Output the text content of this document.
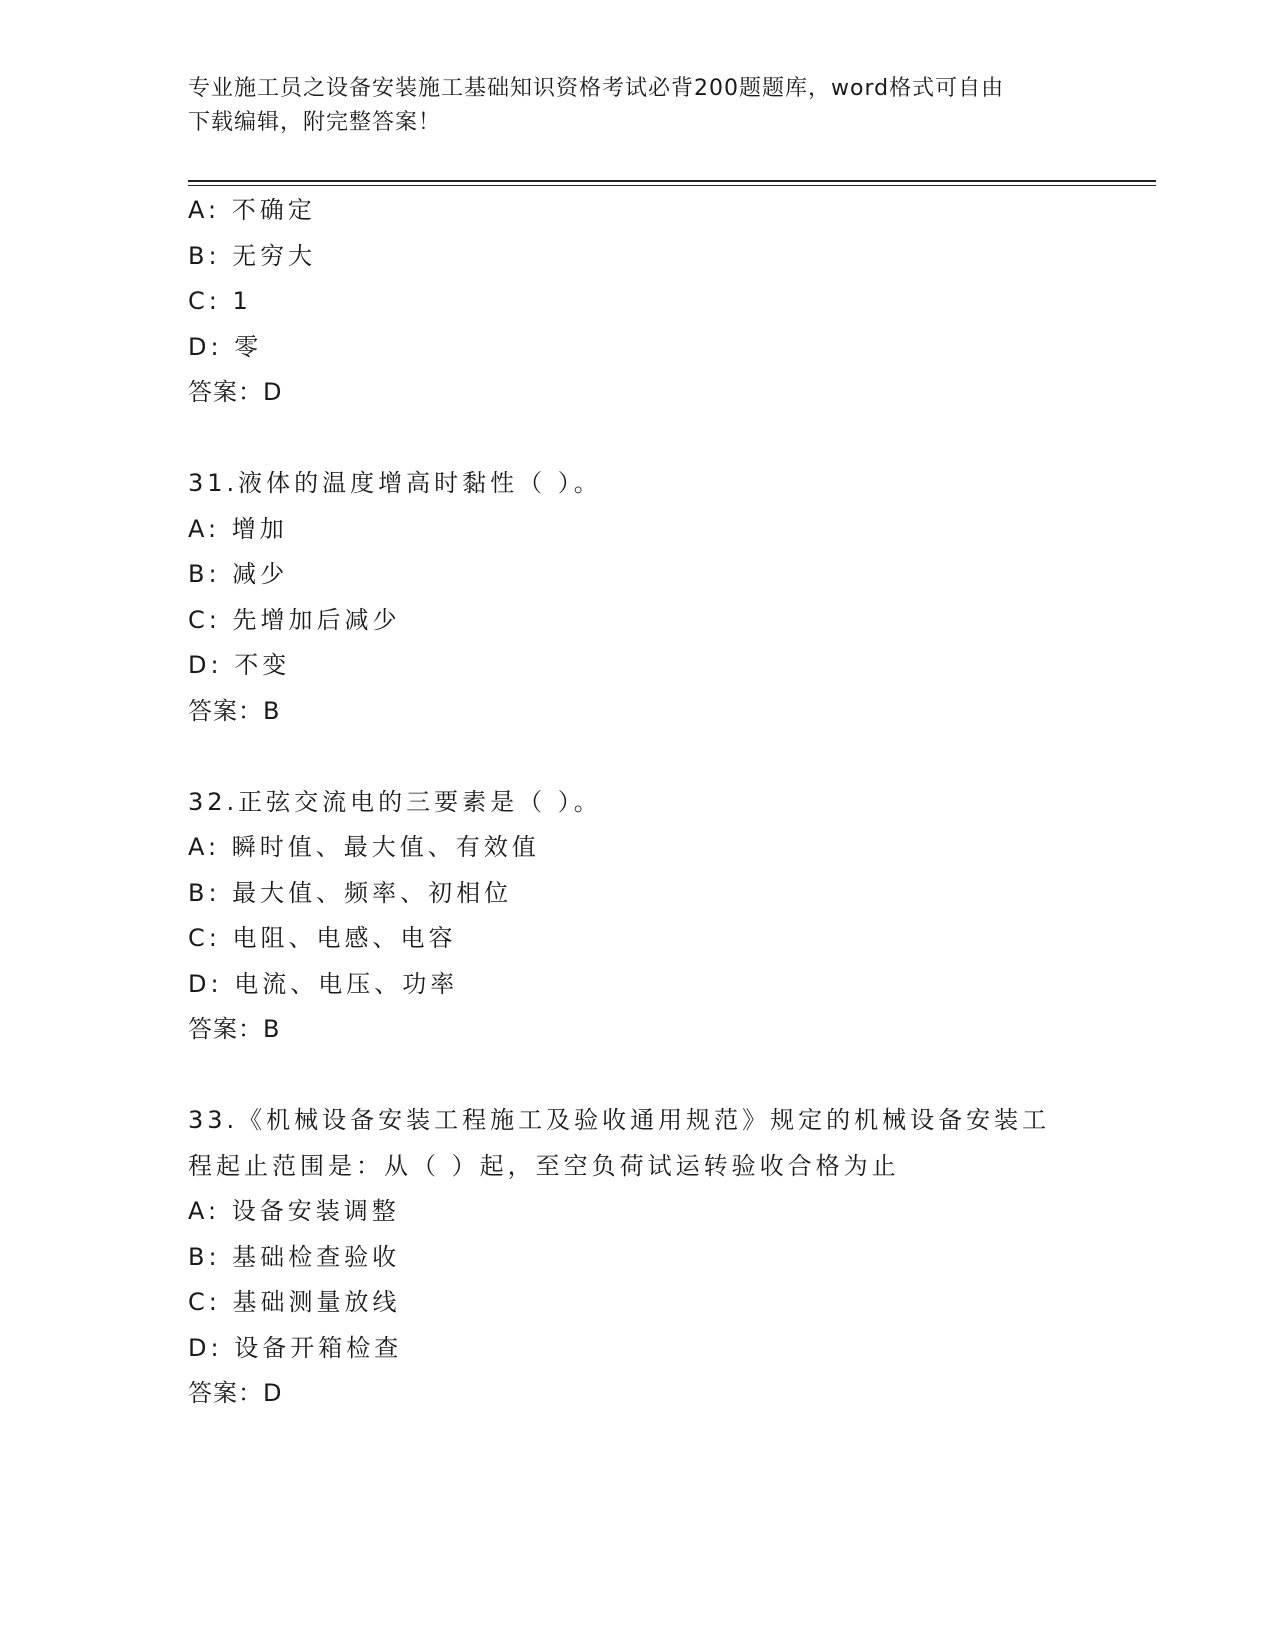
专业施工员之设备安装施工基础知识资格考试必背200题题库，word格式可自由
下载编辑，附完整答案！
A: 不确定
B: 无穷大
C: 1
D: 零
答案：D
31.液体的温度增高时黏性（ ）。
A: 增加
B: 减少
C: 先增加后减少
D: 不变
答案：B
32.正弦交流电的三要素是（ ）。
A: 瞬时值、最大值、有效值
B: 最大值、频率、初相位
C: 电阻、电感、电容
D: 电流、电压、功率
答案：B
33.《机械设备安装工程施工及验收通用规范》规定的机械设备安装工程起止范围是：从（ ）起，至空负荷试运转验收合格为止
A: 设备安装调整
B: 基础检查验收
C: 基础测量放线
D: 设备开箱检查
答案：D
